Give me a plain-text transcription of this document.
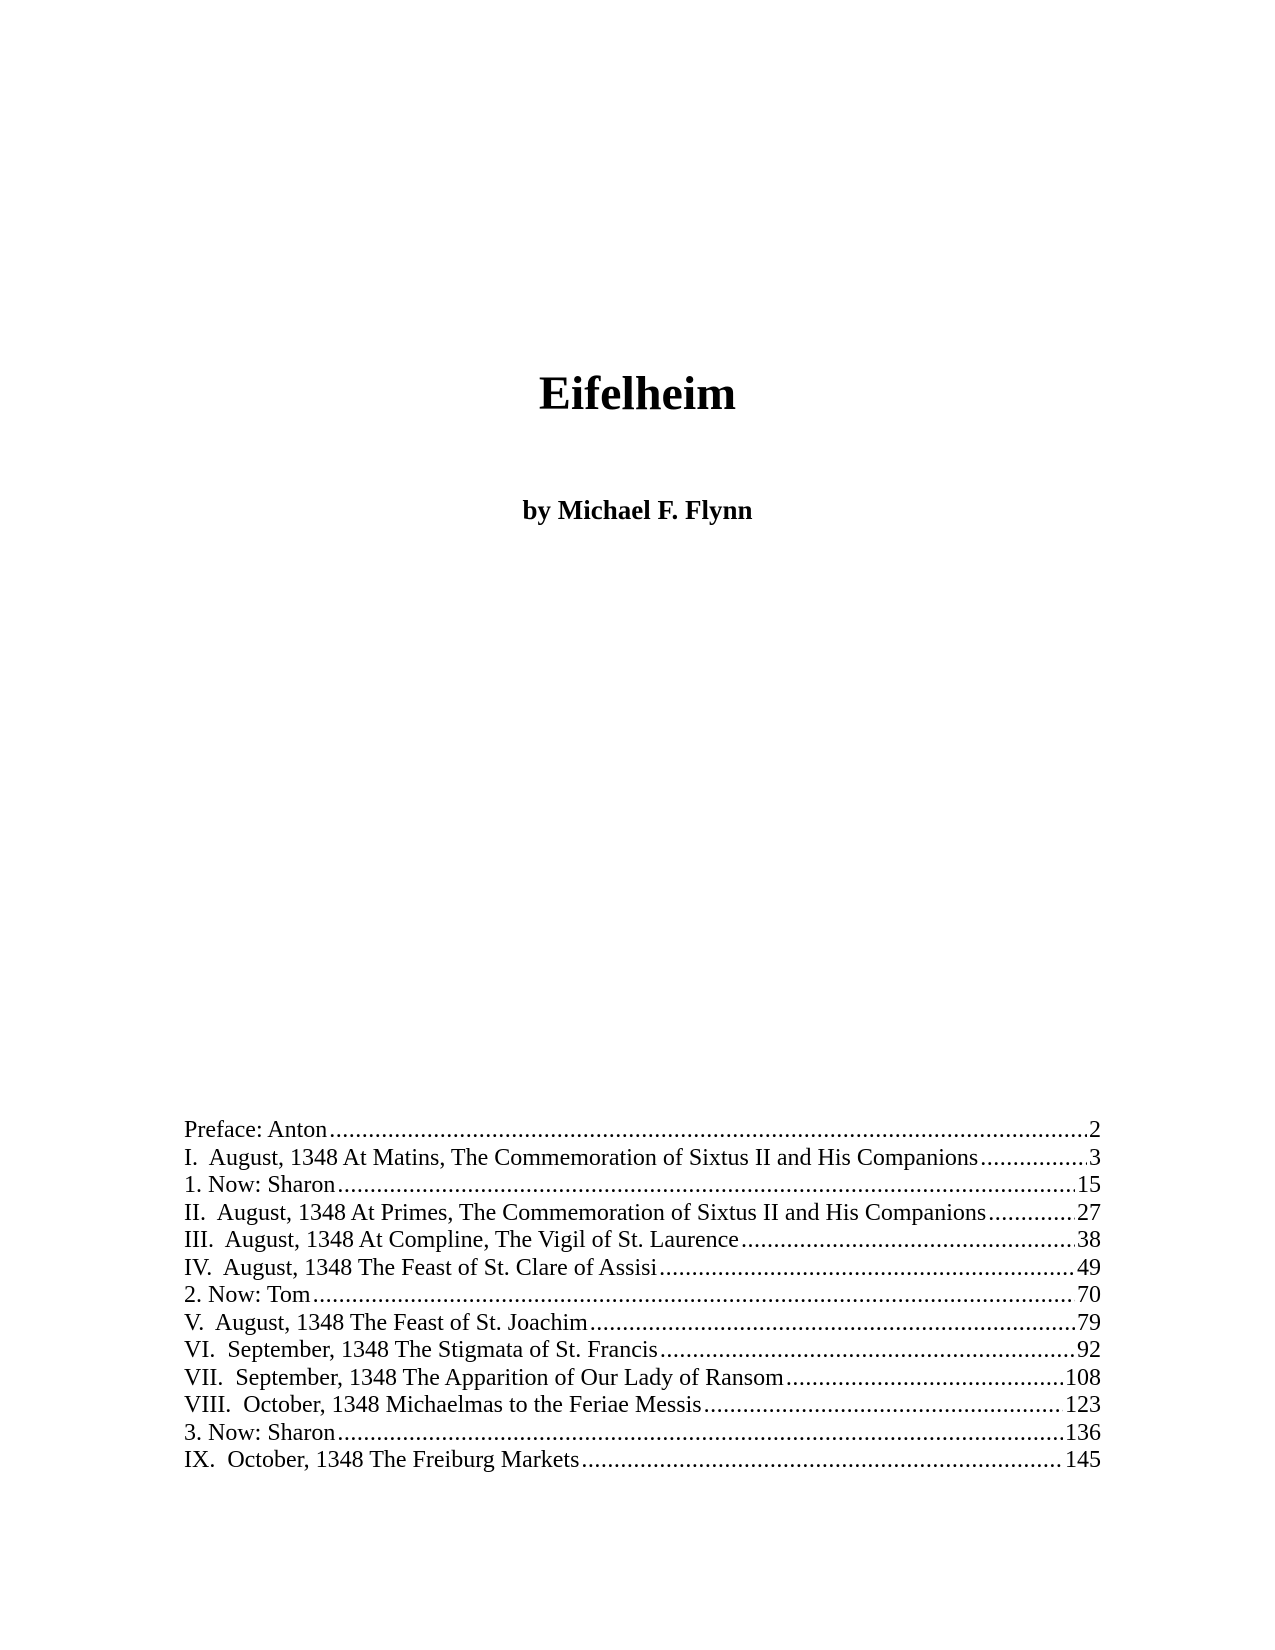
Eifelheim
by Michael F. Flynn
Preface: Anton .....	2
I.  August, 1348 At Matins, The Commemoration of Sixtus II and His Companions .....	3
1. Now: Sharon .....	15
II.  August, 1348 At Primes, The Commemoration of Sixtus II and His Companions .....	27
III.  August, 1348 At Compline, The Vigil of St. Laurence .....	38
IV.  August, 1348 The Feast of St. Clare of Assisi .....	49
2. Now: Tom .....	70
V.  August, 1348 The Feast of St. Joachim .....	79
VI.  September, 1348 The Stigmata of St. Francis .....	92
VII.  September, 1348 The Apparition of Our Lady of Ransom .....	108
VIII.  October, 1348 Michaelmas to the Feriae Messis .....	123
3. Now: Sharon .....	136
IX.  October, 1348 The Freiburg Markets .....	145
